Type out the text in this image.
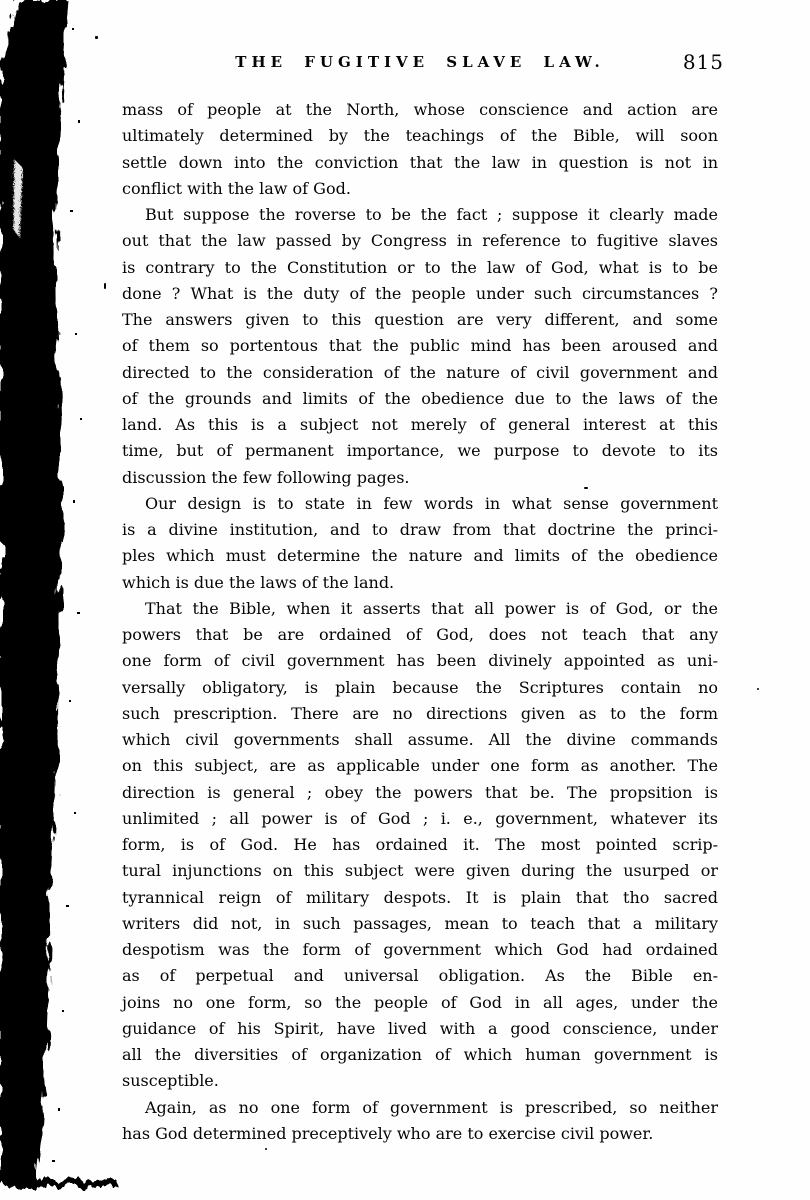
THE FUGITIVE SLAVE LAW.	815
mass of people at the North, whose conscience and action are
ultimately determined by the teachings of the Bible, will soon
settle down into the conviction that the law in question is not in
conflict with the law of God.
But suppose the roverse to be the fact ; suppose it clearly made
out that the law passed by Congress in reference to fugitive slaves
is contrary to the Constitution or to the law of God, what is to be
done ? What is the duty of the people under such circumstances ?
The answers given to this question are very different, and some
of them so portentous that the public mind has been aroused and
directed to the consideration of the nature of civil government and
of the grounds and limits of the obedience due to the laws of the
land. As this is a subject not merely of general interest at this
time, but of permanent importance, we purpose to devote to its
discussion the few following pages.
Our design is to state in few words in what sense government
is a divine institution, and to draw from that doctrine the princi-
ples which must determine the nature and limits of the obedience
which is due the laws of the land.
That the Bible, when it asserts that all power is of God, or the
powers that be are ordained of God, does not teach that any
one form of civil government has been divinely appointed as uni-
versally obligatory, is plain because the Scriptures contain no
such prescription. There are no directions given as to the form
which civil governments shall assume. All the divine commands
on this subject, are as applicable under one form as another. The
direction is general ; obey the powers that be. The propsition is
unlimited ; all power is of God ; i. e., government, whatever its
form, is of God. He has ordained it. The most pointed scrip-
tural injunctions on this subject were given during the usurped or
tyrannical reign of military despots. It is plain that tho sacred
writers did not, in such passages, mean to teach that a military
despotism was the form of government which God had ordained
as of perpetual and universal obligation. As the Bible en-
joins no one form, so the people of God in all ages, under the
guidance of his Spirit, have lived with a good conscience, under
all the diversities of organization of which human government is
susceptible.
Again, as no one form of government is prescribed, so neither
has God determined preceptively who are to exercise civil power.
